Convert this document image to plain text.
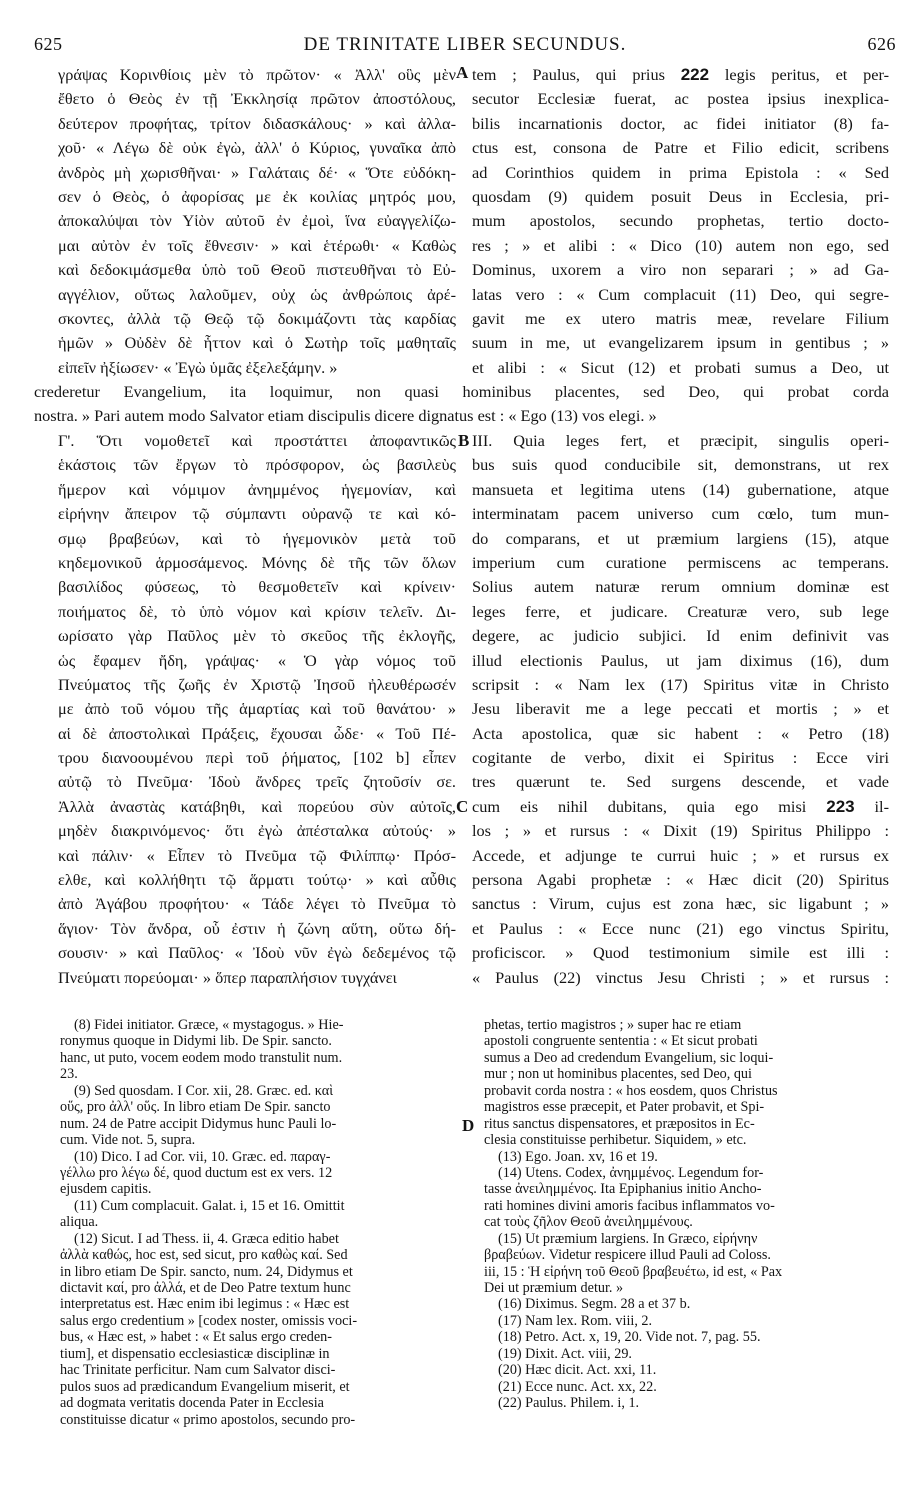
625	DE TRINITATE LIBER SECUNDUS.	626
γράψας Κορινθίοις μὲν τὸ πρῶτον· « Ἀλλ' οὓς μὲν
ἔθετο ὁ Θεὸς ἐν τῇ Ἐκκλησίᾳ πρῶτον ἀποστόλους,
δεύτερον προφήτας, τρίτον διδασκάλους· » καὶ ἀλλα-
χοῦ· « Λέγω δὲ οὐκ ἐγὼ, ἀλλ' ὁ Κύριος, γυναῖκα ἀπὸ
ἀνδρὸς μὴ χωρισθῆναι· » Γαλάταις δέ· « Ὅτε εὐδόκη-
σεν ὁ Θεὸς, ὁ ἀφορίσας με ἐκ κοιλίας μητρός μου,
ἀποκαλύψαι τὸν Υἱὸν αὐτοῦ ἐν ἐμοὶ, ἵνα εὐαγγελίζω-
μαι αὐτὸν ἐν τοῖς ἔθνεσιν· » καὶ ἑτέρωθι· « Καθὼς
καὶ δεδοκιμάσμεθα ὑπὸ τοῦ Θεοῦ πιστευθῆναι τὸ Εὐ-
αγγέλιον, οὕτως λαλοῦμεν, οὐχ ὡς ἀνθρώποις ἀρέ-
σκοντες, ἀλλὰ τῷ Θεῷ τῷ δοκιμάζοντι τὰς καρδίας
ἡμῶν » Οὐδὲν δὲ ἧττον καὶ ὁ Σωτὴρ τοῖς μαθηταῖς
εἰπεῖν ἠξίωσεν· « Ἐγὼ ὑμᾶς ἐξελεξάμην. »
tem ; Paulus, qui prius 222 legis peritus, et per-
secutor Ecclesiæ fuerat, ac postea ipsius inexplica-
bilis incarnationis doctor, ac fidei initiator (8) fa-
ctus est, consona de Patre et Filio edicit, scribens
ad Corinthios quidem in prima Epistola : « Sed
quosdam (9) quidem posuit Deus in Ecclesia, pri-
mum apostolos, secundo prophetas, tertio docto-
res ; » et alibi : « Dico (10) autem non ego, sed
Dominus, uxorem a viro non separari ; » ad Ga-
latas vero : « Cum complacuit (11) Deo, qui segre-
gavit me ex utero matris meæ, revelare Filium
suum in me, ut evangelizarem ipsum in gentibus ; »
et alibi : « Sicut (12) et probati sumus a Deo, ut
A
crederetur Evangelium, ita loquimur, non quasi hominibus placentes, sed Deo, qui probat corda
nostra. » Pari autem modo Salvator etiam discipulis dicere dignatus est : « Ego (13) vos elegi. »
Γ'. Ὅτι νομοθετεῖ καὶ προστάττει ἀποφαντικῶς
ἑκάστοις τῶν ἔργων τὸ πρόσφορον, ὡς βασιλεὺς
ἥμερον καὶ νόμιμον ἀνημμένος ἡγεμονίαν, καὶ
εἰρήνην ἄπειρον τῷ σύμπαντι οὐρανῷ τε καὶ κό-
σμῳ βραβεύων, καὶ τὸ ἡγεμονικὸν μετὰ τοῦ
κηδεμονικοῦ ἁρμοσάμενος. Μόνης δὲ τῆς τῶν ὅλων
βασιλίδος φύσεως, τὸ θεσμοθετεῖν καὶ κρίνειν·
ποιήματος δὲ, τὸ ὑπὸ νόμον καὶ κρίσιν τελεῖν. Δι-
ωρίσατο γὰρ Παῦλος μὲν τὸ σκεῦος τῆς ἐκλογῆς,
ὡς ἔφαμεν ἤδη, γράψας· « Ὁ γὰρ νόμος τοῦ
Πνεύματος τῆς ζωῆς ἐν Χριστῷ Ἰησοῦ ἠλευθέρωσέν
με ἀπὸ τοῦ νόμου τῆς ἁμαρτίας καὶ τοῦ θανάτου· »
αἱ δὲ ἀποστολικαὶ Πράξεις, ἔχουσαι ὧδε· « Τοῦ Πέ-
τρου διανοουμένου περὶ τοῦ ῥήματος, [102 b] εἶπεν
αὐτῷ τὸ Πνεῦμα· Ἰδοὺ ἄνδρες τρεῖς ζητοῦσίν σε.
Ἀλλὰ ἀναστὰς κατάβηθι, καὶ πορεύου σὺν αὐτοῖς,
μηδὲν διακρινόμενος· ὅτι ἐγὼ ἀπέσταλκα αὐτούς· »
καὶ πάλιν· « Εἶπεν τὸ Πνεῦμα τῷ Φιλίππῳ· Πρόσ-
ελθε, καὶ κολλήθητι τῷ ἅρματι τούτῳ· » καὶ αὖθις
ἀπὸ Ἀγάβου προφήτου· « Τάδε λέγει τὸ Πνεῦμα τὸ
ἅγιον· Τὸν ἄνδρα, οὗ ἐστιν ἡ ζώνη αὕτη, οὕτω δή-
σουσιν· » καὶ Παῦλος· « Ἰδοὺ νῦν ἐγὼ δεδεμένος τῷ
Πνεύματι πορεύομαι· » ὅπερ παραπλήσιον τυγχάνει
III. Quia leges fert, et præcipit, singulis operi-
bus suis quod conducibile sit, demonstrans, ut rex
mansueta et legitima utens (14) gubernatione, atque
interminatam pacem universo cum cœlo, tum mun-
do comparans, et ut præmium largiens (15), atque
imperium cum curatione permiscens ac temperans.
Solius autem naturæ rerum omnium dominæ est
leges ferre, et judicare. Creaturæ vero, sub lege
degere, ac judicio subjici. Id enim definivit vas
illud electionis Paulus, ut jam diximus (16), dum
scripsit : « Nam lex (17) Spiritus vitæ in Christo
Jesu liberavit me a lege peccati et mortis ; » et
Acta apostolica, quæ sic habent : « Petro (18)
cogitante de verbo, dixit ei Spiritus : Ecce viri
tres quærunt te. Sed surgens descende, et vade
cum eis nihil dubitans, quia ego misi 223 il-
los ; » et rursus : « Dixit (19) Spiritus Philippo :
Accede, et adjunge te currui huic ; » et rursus ex
persona Agabi prophetæ : « Hæc dicit (20) Spiritus
sanctus : Virum, cujus est zona hæc, sic ligabunt ; »
et Paulus : « Ecce nunc (21) ego vinctus Spiritu,
proficiscor. » Quod testimonium simile est illi :
« Paulus (22) vinctus Jesu Christi ; » et rursus :
B
C
(8) Fidei initiator. Græce, « mystagogus. » Hie-
ronymus quoque in Didymi lib. De Spir. sancto.
hanc, ut puto, vocem eodem modo transtulit num.
23.
(9) Sed quosdam. I Cor. xii, 28. Græc. ed. καὶ
οὕς, pro ἀλλ' οὕς. In libro etiam De Spir. sancto
num. 24 de Patre accipit Didymus hunc Pauli lo-
cum. Vide not. 5, supra.
(10) Dico. I ad Cor. vii, 10. Græc. ed. παραγ-
γέλλω pro λέγω δέ, quod ductum est ex vers. 12
ejusdem capitis.
(11) Cum complacuit. Galat. i, 15 et 16. Omittit
aliqua.
(12) Sicut. I ad Thess. ii, 4. Græca editio habet
ἀλλὰ καθώς, hoc est, sed sicut, pro καθὼς καί. Sed
in libro etiam De Spir. sancto, num. 24, Didymus et
dictavit καί, pro ἀλλά, et de Deo Patre textum hunc
interpretatus est. Hæc enim ibi legimus : « Hæc est
salus ergo credentium » [codex noster, omissis voci-
bus, « Hæc est, » habet : « Et salus ergo creden-
tium], et dispensatio ecclesiasticæ disciplinæ in
hac Trinitate perficitur. Nam cum Salvator disci-
pulos suos ad prædicandum Evangelium miserit, et
ad dogmata veritatis docenda Pater in Ecclesia
constituisse dicatur « primo apostolos, secundo pro-
phetas, tertio magistros ; » super hac re etiam
apostoli congruente sententia : « Et sicut probati
sumus a Deo ad credendum Evangelium, sic loqui-
mur ; non ut hominibus placentes, sed Deo, qui
probavit corda nostra : « hos eosdem, quos Christus
magistros esse præcepit, et Pater probavit, et Spi-
ritus sanctus dispensatores, et præpositos in Ec-
clesia constituisse perhibetur. Siquidem, » etc.
(13) Ego. Joan. xv, 16 et 19.
(14) Utens. Codex, ἀνημμένος. Legendum for-
tasse ἀνειλημμένος. Ita Epiphanius initio Ancho-
rati homines divini amoris facibus inflammatos vo-
cat τοὺς ζῆλον Θεοῦ ἀνειλημμένους.
(15) Ut præmium largiens. In Græco, εἰρήνην
βραβεύων. Videtur respicere illud Pauli ad Coloss.
iii, 15 : Ἡ εἰρήνη τοῦ Θεοῦ βραβευέτω, id est, « Pax
Dei ut præmium detur. »
(16) Diximus. Segm. 28 a et 37 b.
(17) Nam lex. Rom. viii, 2.
(18) Petro. Act. x, 19, 20. Vide not. 7, pag. 55.
(19) Dixit. Act. viii, 29.
(20) Hæc dicit. Act. xxi, 11.
(21) Ecce nunc. Act. xx, 22.
(22) Paulus. Philem. i, 1.
D
